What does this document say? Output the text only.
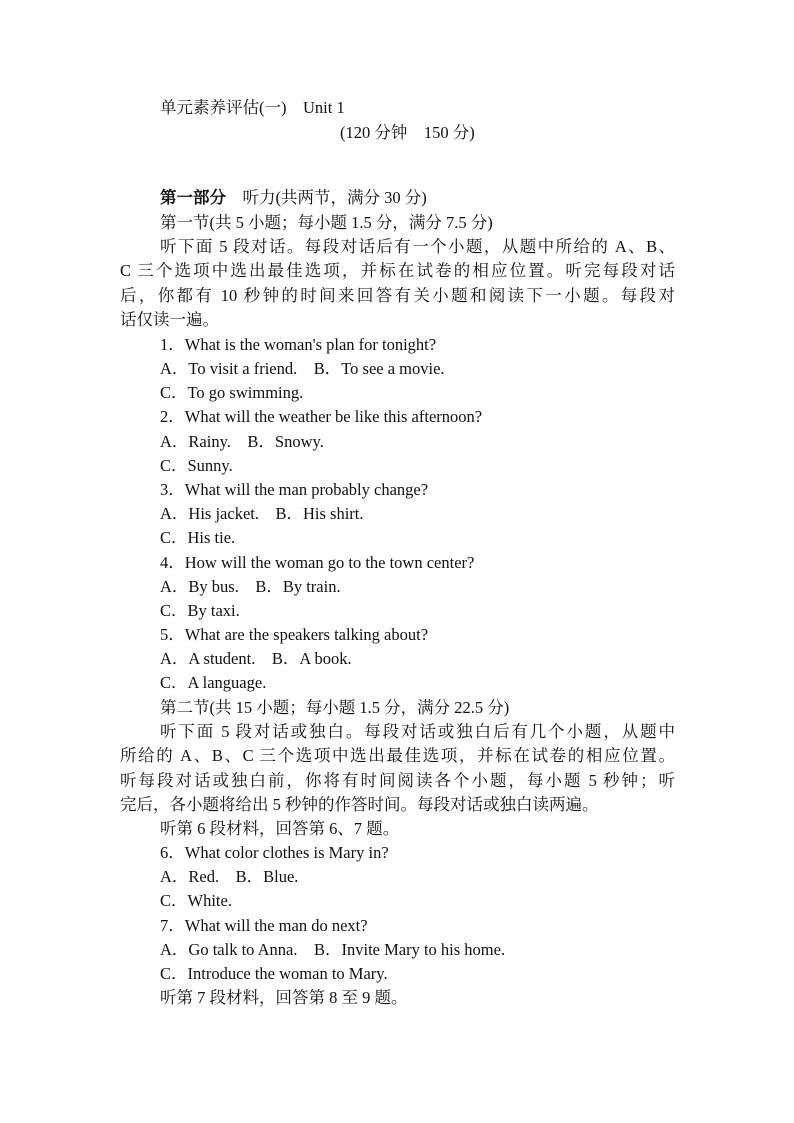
单元素养评估(一)　Unit 1
(120 分钟　150 分)
第一部分　听力(共两节，满分 30 分)
第一节(共 5 小题；每小题 1.5 分，满分 7.5 分)
听下面 5 段对话。每段对话后有一个小题，从题中所给的 A、B、
C 三个选项中选出最佳选项，并标在试卷的相应位置。听完每段对话
后，你都有 10 秒钟的时间来回答有关小题和阅读下一小题。每段对
话仅读一遍。
1．What is the woman's plan for tonight?
A．To visit a friend.  B．To see a movie.
C．To go swimming.
2．What will the weather be like this afternoon?
A．Rainy.  B．Snowy.
C．Sunny.
3．What will the man probably change?
A．His jacket.  B．His shirt.
C．His tie.
4．How will the woman go to the town center?
A．By bus.  B．By train.
C．By taxi.
5．What are the speakers talking about?
A．A student.  B．A book.
C．A language.
第二节(共 15 小题；每小题 1.5 分，满分 22.5 分)
听下面 5 段对话或独白。每段对话或独白后有几个小题，从题中
所给的 A、B、C 三个选项中选出最佳选项，并标在试卷的相应位置。
听每段对话或独白前，你将有时间阅读各个小题，每小题 5 秒钟；听
完后，各小题将给出 5 秒钟的作答时间。每段对话或独白读两遍。
听第 6 段材料，回答第 6、7 题。
6．What color clothes is Mary in?
A．Red.  B．Blue.
C．White.
7．What will the man do next?
A．Go talk to Anna.  B．Invite Mary to his home.
C．Introduce the woman to Mary.
听第 7 段材料，回答第 8 至 9 题。
